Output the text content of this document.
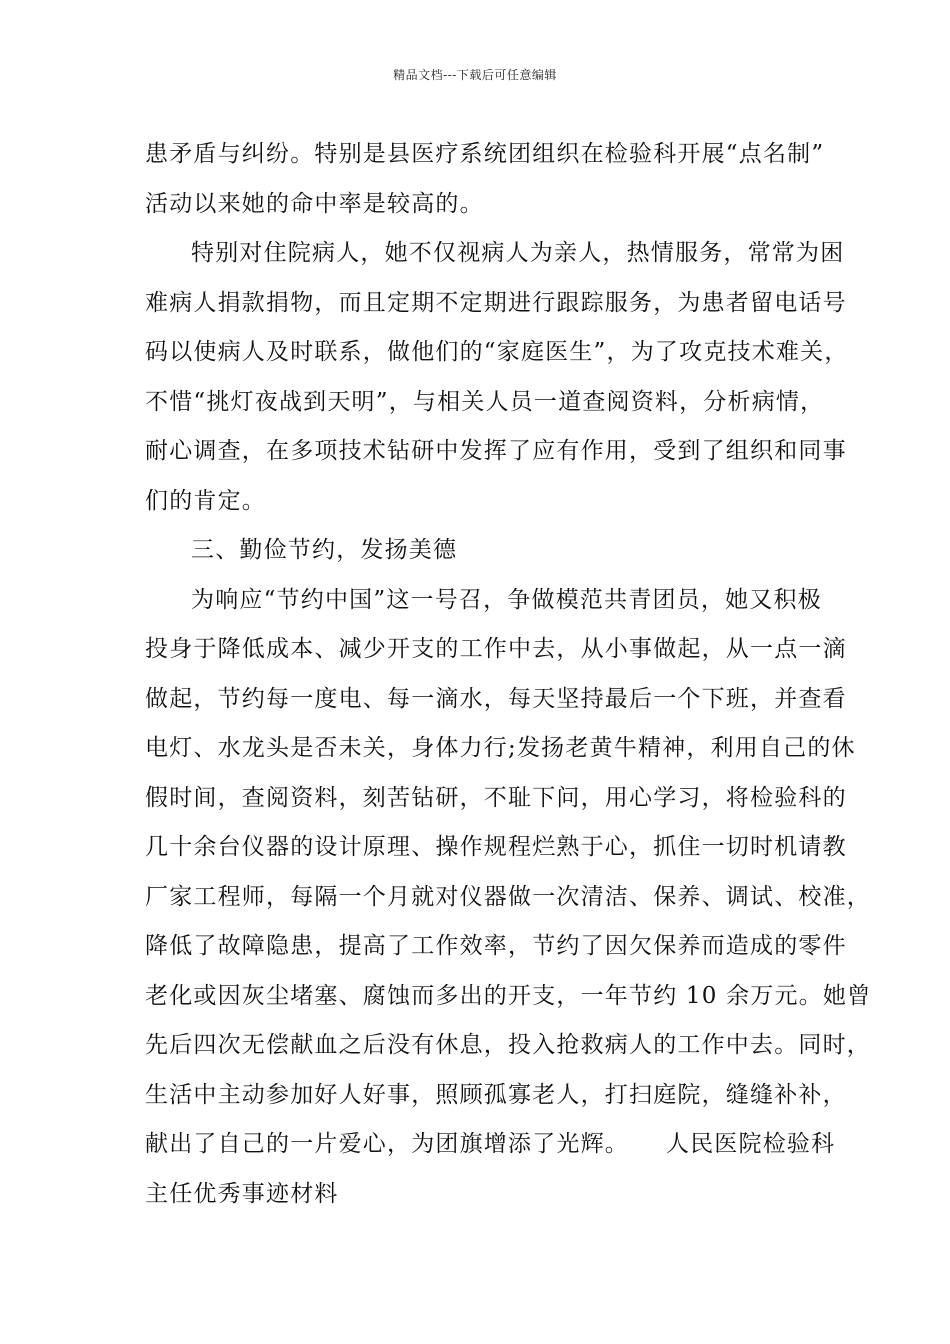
精品文档---下载后可任意编辑
患矛盾与纠纷。特别是县医疗系统团组织在检验科开展“点名制”
活动以来她的命中率是较高的。
特别对住院病人，她不仅视病人为亲人，热情服务，常常为困
难病人捐款捐物，而且定期不定期进行跟踪服务，为患者留电话号
码以使病人及时联系，做他们的“家庭医生”，为了攻克技术难关，
不惜“挑灯夜战到天明”，与相关人员一道查阅资料，分析病情，
耐心调查，在多项技术钻研中发挥了应有作用，受到了组织和同事
们的肯定。
三、勤俭节约，发扬美德
为响应“节约中国”这一号召，争做模范共青团员，她又积极
投身于降低成本、减少开支的工作中去，从小事做起，从一点一滴
做起，节约每一度电、每一滴水，每天坚持最后一个下班，并查看
电灯、水龙头是否未关，身体力行;发扬老黄牛精神，利用自己的休
假时间，查阅资料，刻苦钻研，不耻下问，用心学习，将检验科的
几十余台仪器的设计原理、操作规程烂熟于心，抓住一切时机请教
厂家工程师，每隔一个月就对仪器做一次清洁、保养、调试、校准，
降低了故障隐患，提高了工作效率，节约了因欠保养而造成的零件
老化或因灰尘堵塞、腐蚀而多出的开支，一年节约 10 余万元。她曾
先后四次无偿献血之后没有休息，投入抢救病人的工作中去。同时，
生活中主动参加好人好事，照顾孤寡老人，打扫庭院，缝缝补补，
献出了自己的一片爱心，为团旗增添了光辉。　　人民医院检验科
主任优秀事迹材料
